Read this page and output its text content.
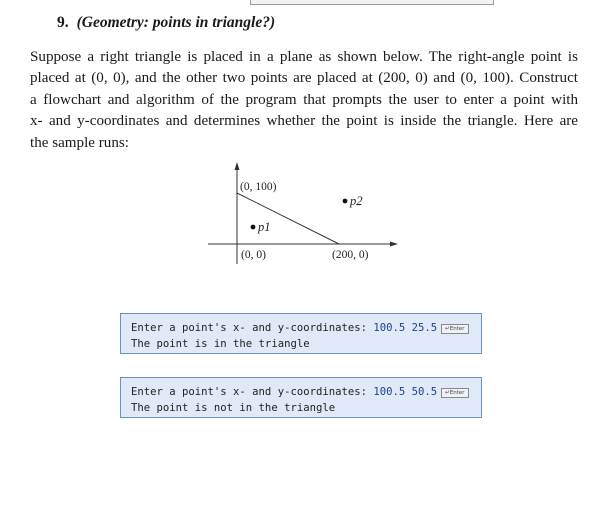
9. (Geometry: points in triangle?)
Suppose a right triangle is placed in a plane as shown below. The right-angle point is
placed at (0, 0), and the other two points are placed at (200, 0) and (0, 100). Construct
a flowchart and algorithm of the program that prompts the user to enter a point with
x- and y-coordinates and determines whether the point is inside the triangle. Here are
the sample runs:
(0, 100)
(0, 0)	(200, 0)
p1
p2
Enter a point's x- and y-coordinates: 100.5 25.5 ↵Enter
The point is in the triangle
Enter a point's x- and y-coordinates: 100.5 50.5 ↵Enter
The point is not in the triangle
